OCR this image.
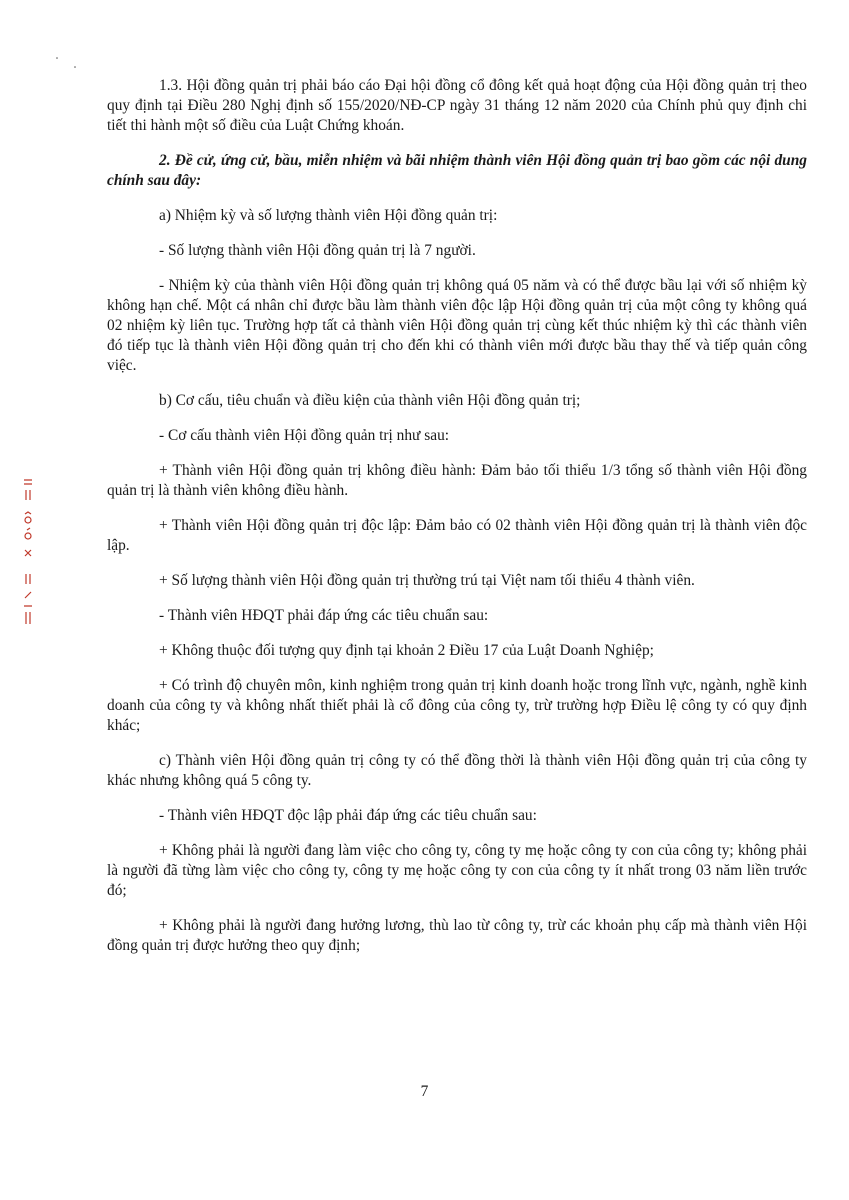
1.3. Hội đồng quản trị phải báo cáo Đại hội đồng cổ đông kết quả hoạt động của Hội đồng quản trị theo quy định tại Điều 280 Nghị định số 155/2020/NĐ-CP ngày 31 tháng 12 năm 2020 của Chính phủ quy định chi tiết thi hành một số điều của Luật Chứng khoán.

2. Đề cử, ứng cử, bầu, miễn nhiệm và bãi nhiệm thành viên Hội đồng quản trị bao gồm các nội dung chính sau đây:

a) Nhiệm kỳ và số lượng thành viên Hội đồng quản trị:

- Số lượng thành viên Hội đồng quản trị là 7 người.

- Nhiệm kỳ của thành viên Hội đồng quản trị không quá 05 năm và có thể được bầu lại với số nhiệm kỳ không hạn chế. Một cá nhân chỉ được bầu làm thành viên độc lập Hội đồng quản trị của một công ty không quá 02 nhiệm kỳ liên tục. Trường hợp tất cả thành viên Hội đồng quản trị cùng kết thúc nhiệm kỳ thì các thành viên đó tiếp tục là thành viên Hội đồng quản trị cho đến khi có thành viên mới được bầu thay thế và tiếp quản công việc.

b) Cơ cấu, tiêu chuẩn và điều kiện của thành viên Hội đồng quản trị;

- Cơ cấu thành viên Hội đồng quản trị như sau:

+ Thành viên Hội đồng quản trị không điều hành: Đảm bảo tối thiểu 1/3 tổng số thành viên Hội đồng quản trị là thành viên không điều hành.

+ Thành viên Hội đồng quản trị độc lập: Đảm bảo có 02 thành viên Hội đồng quản trị là thành viên độc lập.

+ Số lượng thành viên Hội đồng quản trị thường trú tại Việt nam tối thiểu 4 thành viên.

- Thành viên HĐQT phải đáp ứng các tiêu chuẩn sau:

+ Không thuộc đối tượng quy định tại khoản 2 Điều 17 của Luật Doanh Nghiệp;

+ Có trình độ chuyên môn, kinh nghiệm trong quản trị kinh doanh hoặc trong lĩnh vực, ngành, nghề kinh doanh của công ty và không nhất thiết phải là cổ đông của công ty, trừ trường hợp Điều lệ công ty có quy định khác;

c) Thành viên Hội đồng quản trị công ty có thể đồng thời là thành viên Hội đồng quản trị của công ty khác nhưng không quá 5 công ty.

- Thành viên HĐQT độc lập phải đáp ứng các tiêu chuẩn sau:

+ Không phải là người đang làm việc cho công ty, công ty mẹ hoặc công ty con của công ty; không phải là người đã từng làm việc cho công ty, công ty mẹ hoặc công ty con của công ty ít nhất trong 03 năm liền trước đó;

+ Không phải là người đang hưởng lương, thù lao từ công ty, trừ các khoản phụ cấp mà thành viên Hội đồng quản trị được hưởng theo quy định;

7
